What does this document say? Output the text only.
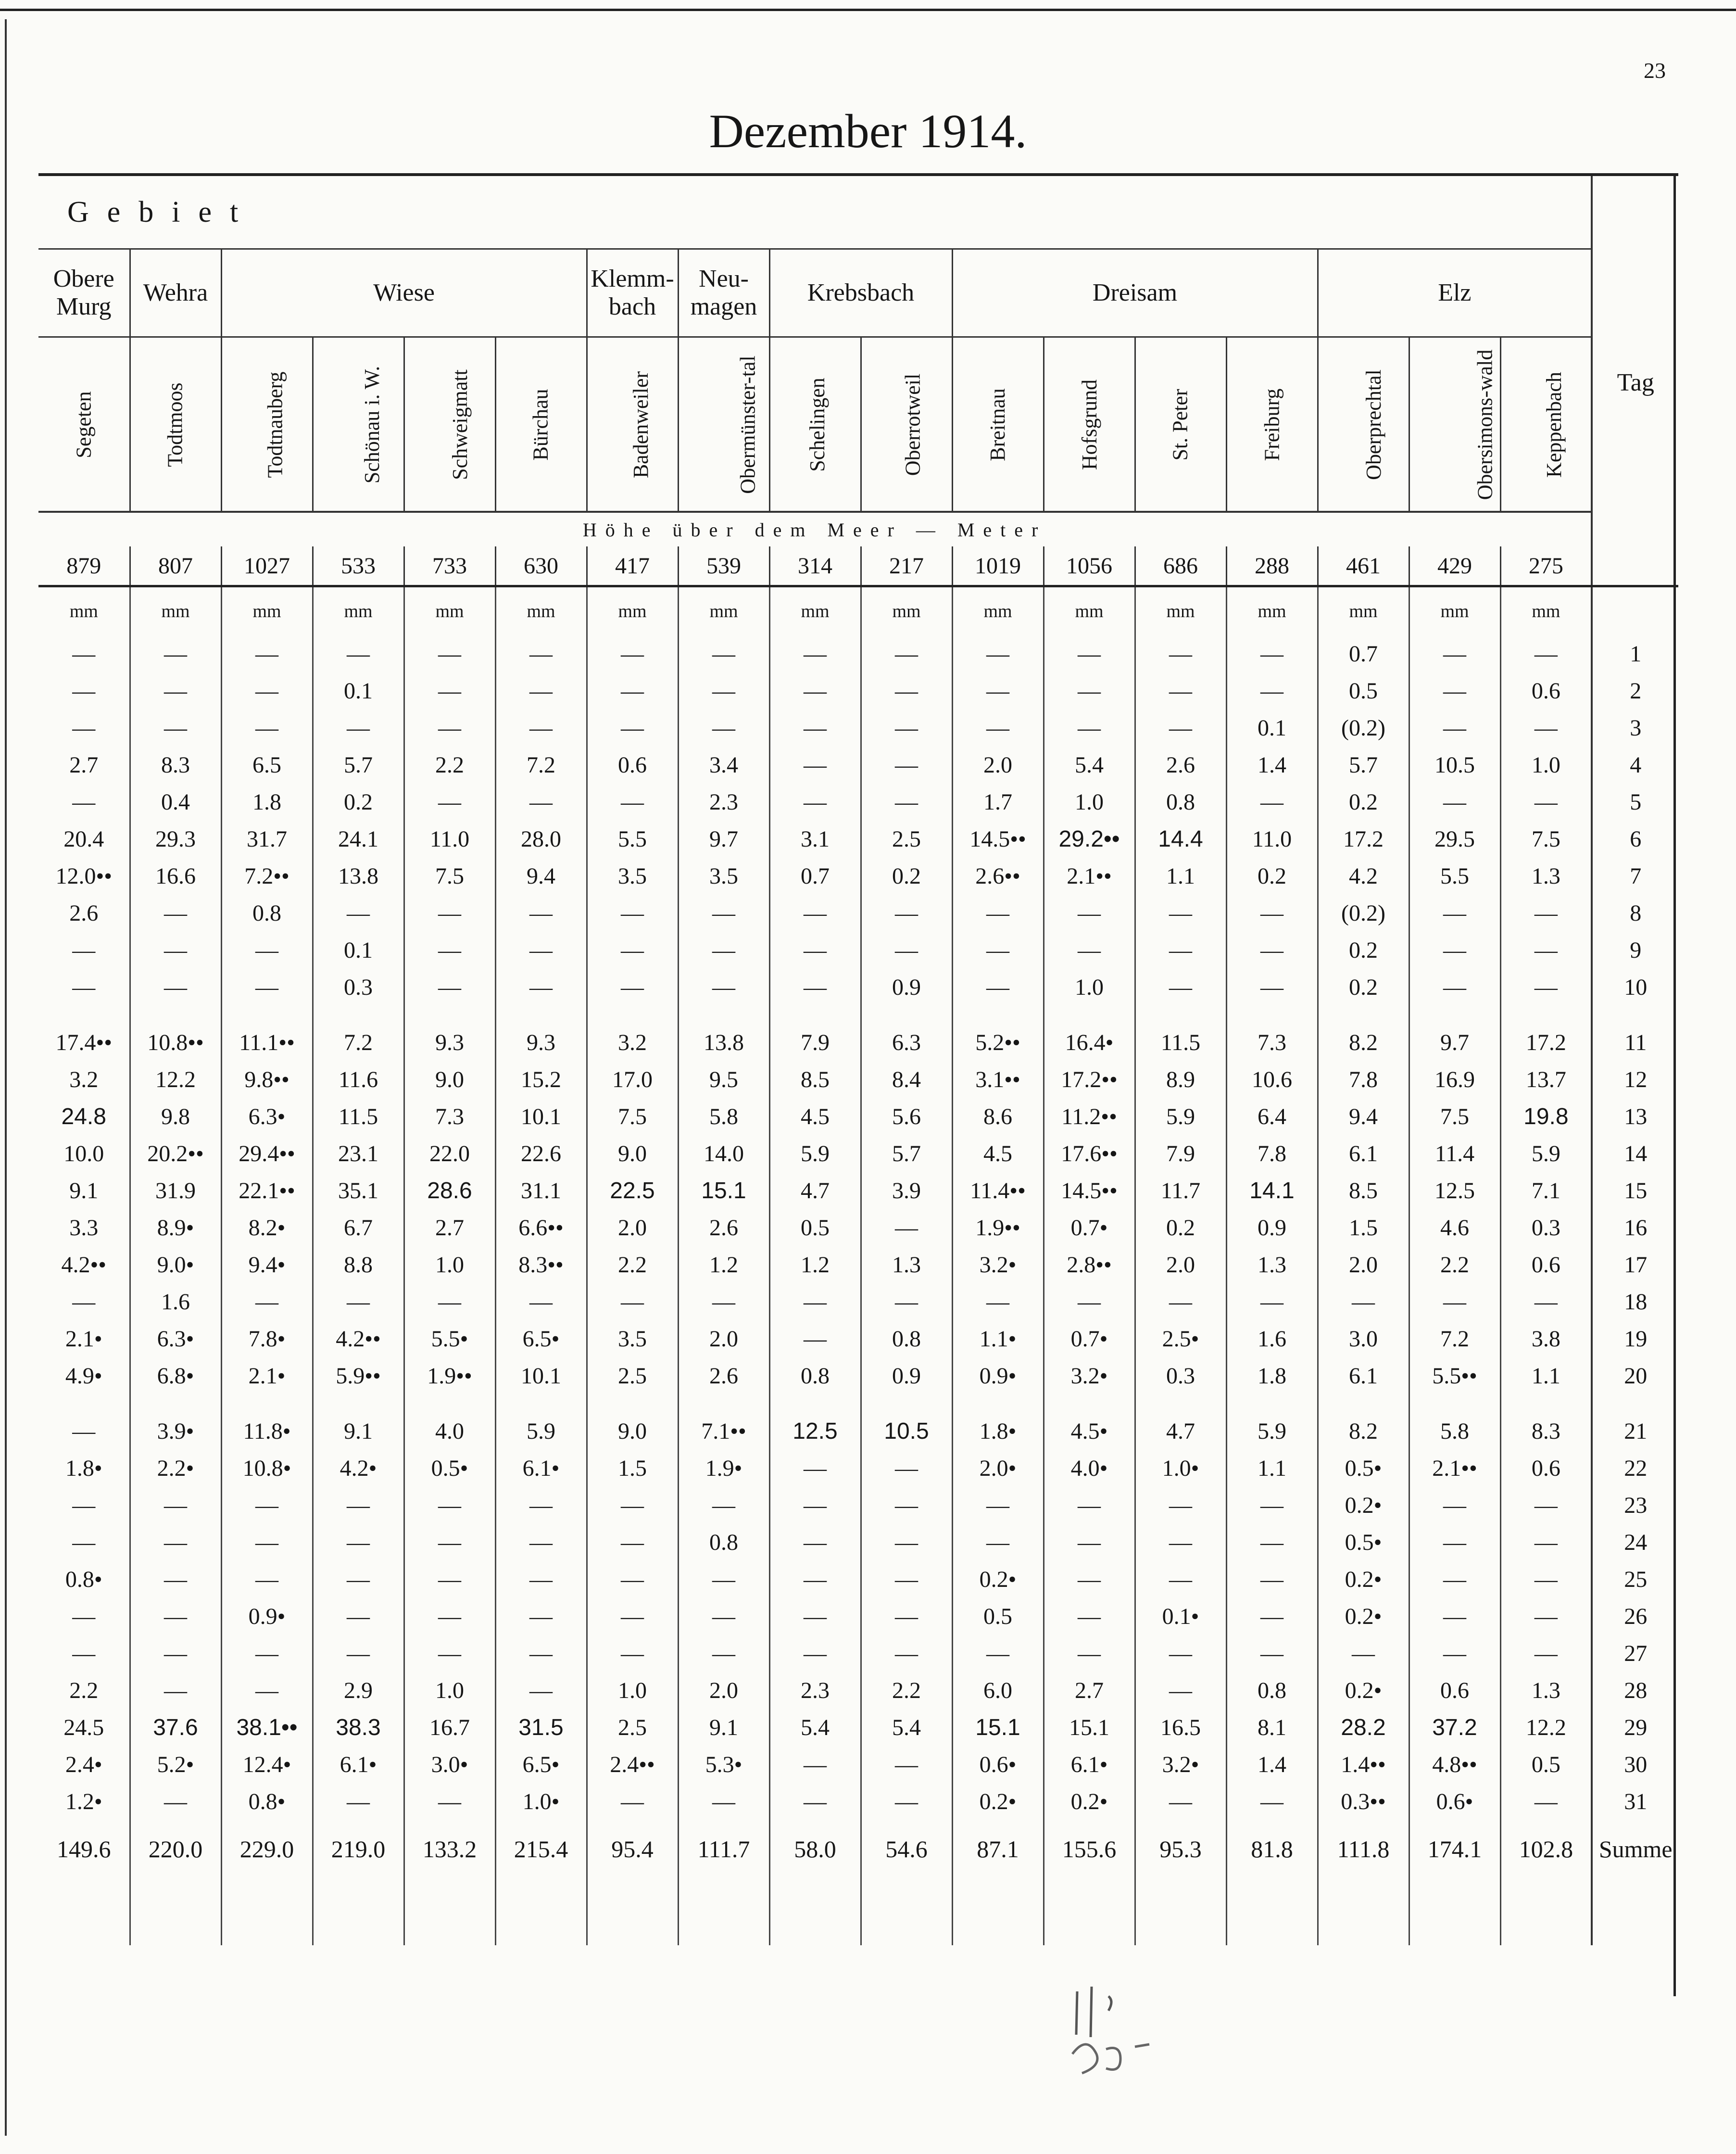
23
Dezember 1914.
Gebiet																	Tag

Obere Murg	Wehra	Wiese				Klemm-bach	Neu-magen	Krebsbach		Dreisam				Elz			
Segeten	Todtmoos	Todtnauberg	Schönau i. W.	Schweigmatt	Bürchau	Badenweiler	Obermünster-tal	Schelingen	Oberrotweil	Breitnau	Hofsgrund	St. Peter	Freiburg	Oberprechtal	Obersimons-wald	Keppenbach	
Höhe über dem Meer — Meter																	
879	807	1027	533	733	630	417	539	314	217	1019	1056	686	288	461	429	275	
mm	mm	mm	mm	mm	mm	mm	mm	mm	mm	mm	mm	mm	mm	mm	mm	mm	
—	—	—	—	—	—	—	—	—	—	—	—	—	—	0.7	—	—	1
—	—	—	0.1	—	—	—	—	—	—	—	—	—	—	0.5	—	0.6	2
—	—	—	—	—	—	—	—	—	—	—	—	—	0.1	(0.2)	—	—	3
2.7	8.3	6.5	5.7	2.2	7.2	0.6	3.4	—	—	2.0	5.4	2.6	1.4	5.7	10.5	1.0	4
—	0.4	1.8	0.2	—	—	—	2.3	—	—	1.7	1.0	0.8	—	0.2	—	—	5
20.4	29.3	31.7	24.1	11.0	28.0	5.5	9.7	3.1	2.5	14.5••	29.2••	14.4	11.0	17.2	29.5	7.5	6
12.0••	16.6	7.2••	13.8	7.5	9.4	3.5	3.5	0.7	0.2	2.6••	2.1••	1.1	0.2	4.2	5.5	1.3	7
2.6	—	0.8	—	—	—	—	—	—	—	—	—	—	—	(0.2)	—	—	8
—	—	—	0.1	—	—	—	—	—	—	—	—	—	—	0.2	—	—	9
—	—	—	0.3	—	—	—	—	—	0.9	—	1.0	—	—	0.2	—	—	10
17.4••	10.8••	11.1••	7.2	9.3	9.3	3.2	13.8	7.9	6.3	5.2••	16.4•	11.5	7.3	8.2	9.7	17.2	11
3.2	12.2	9.8••	11.6	9.0	15.2	17.0	9.5	8.5	8.4	3.1••	17.2••	8.9	10.6	7.8	16.9	13.7	12
24.8	9.8	6.3•	11.5	7.3	10.1	7.5	5.8	4.5	5.6	8.6	11.2••	5.9	6.4	9.4	7.5	19.8	13
10.0	20.2••	29.4••	23.1	22.0	22.6	9.0	14.0	5.9	5.7	4.5	17.6••	7.9	7.8	6.1	11.4	5.9	14
9.1	31.9	22.1••	35.1	28.6	31.1	22.5	15.1	4.7	3.9	11.4••	14.5••	11.7	14.1	8.5	12.5	7.1	15
3.3	8.9•	8.2•	6.7	2.7	6.6••	2.0	2.6	0.5	—	1.9••	0.7•	0.2	0.9	1.5	4.6	0.3	16
4.2••	9.0•	9.4•	8.8	1.0	8.3••	2.2	1.2	1.2	1.3	3.2•	2.8••	2.0	1.3	2.0	2.2	0.6	17
—	1.6	—	—	—	—	—	—	—	—	—	—	—	—	—	—	—	18
2.1•	6.3•	7.8•	4.2••	5.5•	6.5•	3.5	2.0	—	0.8	1.1•	0.7•	2.5•	1.6	3.0	7.2	3.8	19
4.9•	6.8•	2.1•	5.9••	1.9••	10.1	2.5	2.6	0.8	0.9	0.9•	3.2•	0.3	1.8	6.1	5.5••	1.1	20
—	3.9•	11.8•	9.1	4.0	5.9	9.0	7.1••	12.5	10.5	1.8•	4.5•	4.7	5.9	8.2	5.8	8.3	21
1.8•	2.2•	10.8•	4.2•	0.5•	6.1•	1.5	1.9•	—	—	2.0•	4.0•	1.0•	1.1	0.5•	2.1••	0.6	22
—	—	—	—	—	—	—	—	—	—	—	—	—	—	0.2•	—	—	23
—	—	—	—	—	—	—	0.8	—	—	—	—	—	—	0.5•	—	—	24
0.8•	—	—	—	—	—	—	—	—	—	0.2•	—	—	—	0.2•	—	—	25
—	—	0.9•	—	—	—	—	—	—	—	0.5	—	0.1•	—	0.2•	—	—	26
—	—	—	—	—	—	—	—	—	—	—	—	—	—	—	—	—	27
2.2	—	—	2.9	1.0	—	1.0	2.0	2.3	2.2	6.0	2.7	—	0.8	0.2•	0.6	1.3	28
24.5	37.6	38.1••	38.3	16.7	31.5	2.5	9.1	5.4	5.4	15.1	15.1	16.5	8.1	28.2	37.2	12.2	29
2.4•	5.2•	12.4•	6.1•	3.0•	6.5•	2.4••	5.3•	—	—	0.6•	6.1•	3.2•	1.4	1.4••	4.8••	0.5	30
1.2•	—	0.8•	—	—	1.0•	—	—	—	—	0.2•	0.2•	—	—	0.3••	0.6•	—	31
149.6	220.0	229.0	219.0	133.2	215.4	95.4	111.7	58.0	54.6	87.1	155.6	95.3	81.8	111.8	174.1	102.8	Summe
